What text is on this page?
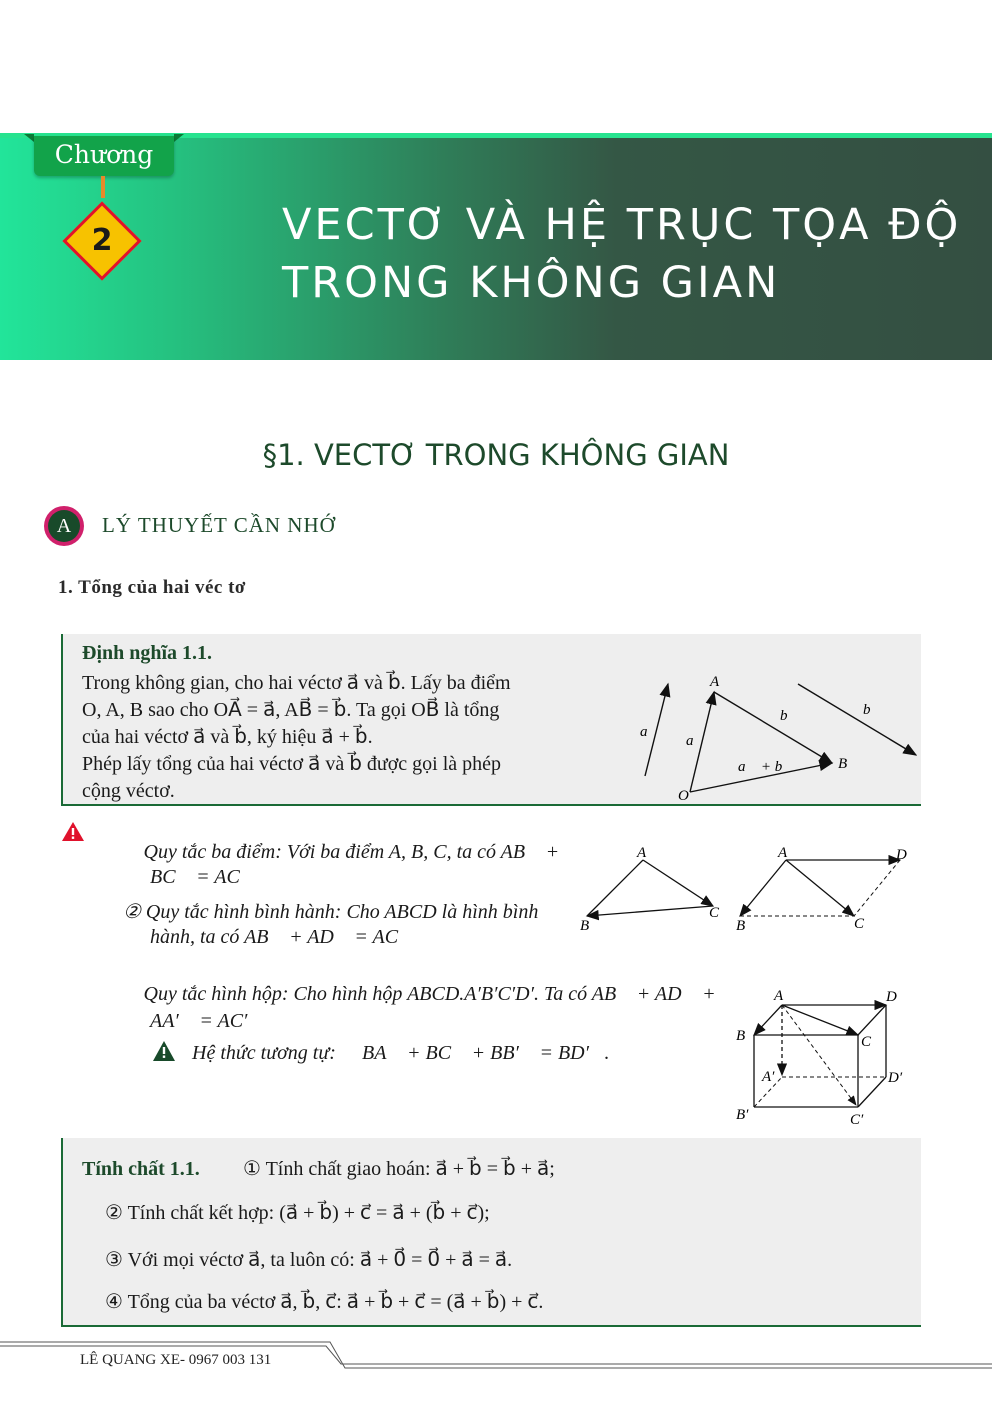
Chương
2	VECTƠ VÀ HỆ TRỤC TỌA ĐỘ TRONG KHÔNG GIAN
§1. VECTƠ TRONG KHÔNG GIAN
A	LÝ THUYẾT CẦN NHỚ
1. Tổng của hai véc tơ
Định nghĩa 1.1.
Trong không gian, cho hai véctơ a⃗ và b⃗. Lấy ba điểm
O, A, B sao cho OA⃗ = a⃗, AB⃗ = b⃗. Ta gọi OB⃗ là tổng
của hai véctơ a⃗ và b⃗, ký hiệu a⃗ + b⃗.
Phép lấy tổng của hai véctơ a⃗ và b⃗ được gọi là phép
cộng véctơ.
a⃗
a⃗
b⃗	b⃗
a⃗ + b⃗
O
A
B
① Quy tắc ba điểm: Với ba điểm A, B, C, ta có AB⃗ +
BC⃗ = AC⃗
② Quy tắc hình bình hành: Cho ABCD là hình bình
hành, ta có AB⃗ + AD⃗ = AC⃗
③ Quy tắc hình hộp: Cho hình hộp ABCD.A′B′C′D′. Ta có AB⃗ + AD⃗ +
AA′⃗ = AC′⃗
Hệ thức tương tự: BA⃗ + BC⃗ + BB′⃗ = BD′⃗.
A
B
C
A
B	C
D
A
B	C
D
A′
B′	C′
D′
Tính chất 1.1. ① Tính chất giao hoán: a⃗ + b⃗ = b⃗ + a⃗;
② Tính chất kết hợp: (a⃗ + b⃗) + c⃗ = a⃗ + (b⃗ + c⃗);
③ Với mọi véctơ a⃗, ta luôn có: a⃗ + 0⃗ = 0⃗ + a⃗ = a⃗.
④ Tổng của ba véctơ a⃗, b⃗, c⃗: a⃗ + b⃗ + c⃗ = (a⃗ + b⃗) + c⃗.
LÊ QUANG XE- 0967 003 131
